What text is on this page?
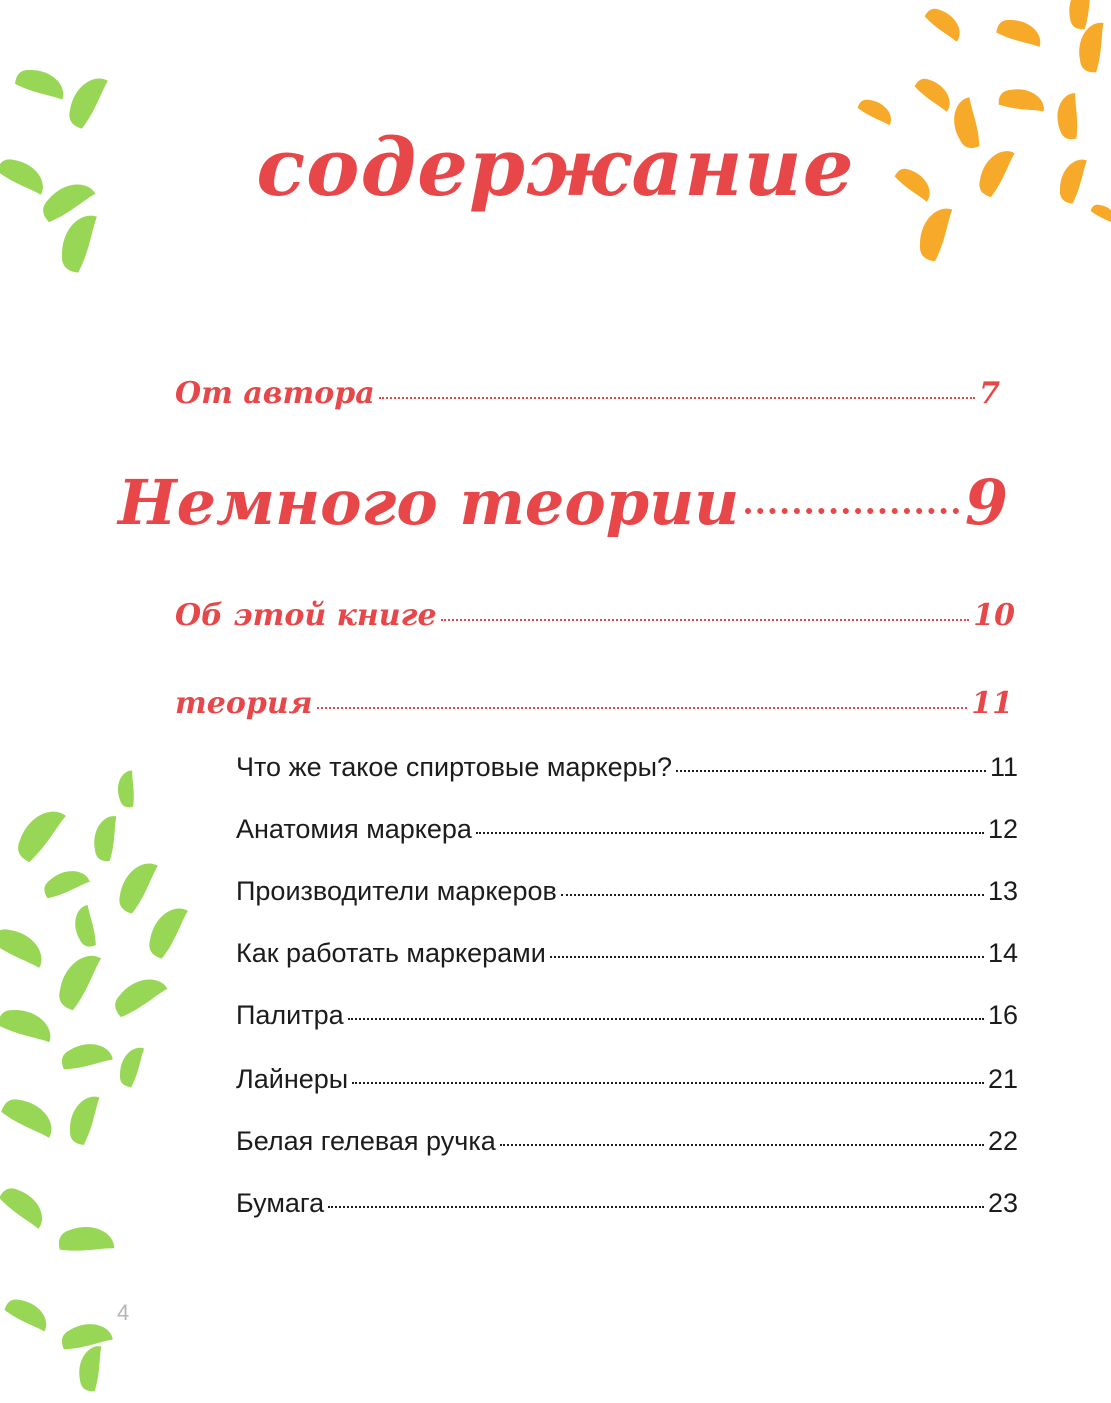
содержание
От автора	7
Немного теории	9
Об этой книге	10
теория	11
Что же такое спиртовые маркеры?	11
Анатомия маркера	12
Производители маркеров	13
Как работать маркерами	14
Палитра	16
Лайнеры	21
Белая гелевая ручка	22
Бумага	23
4
